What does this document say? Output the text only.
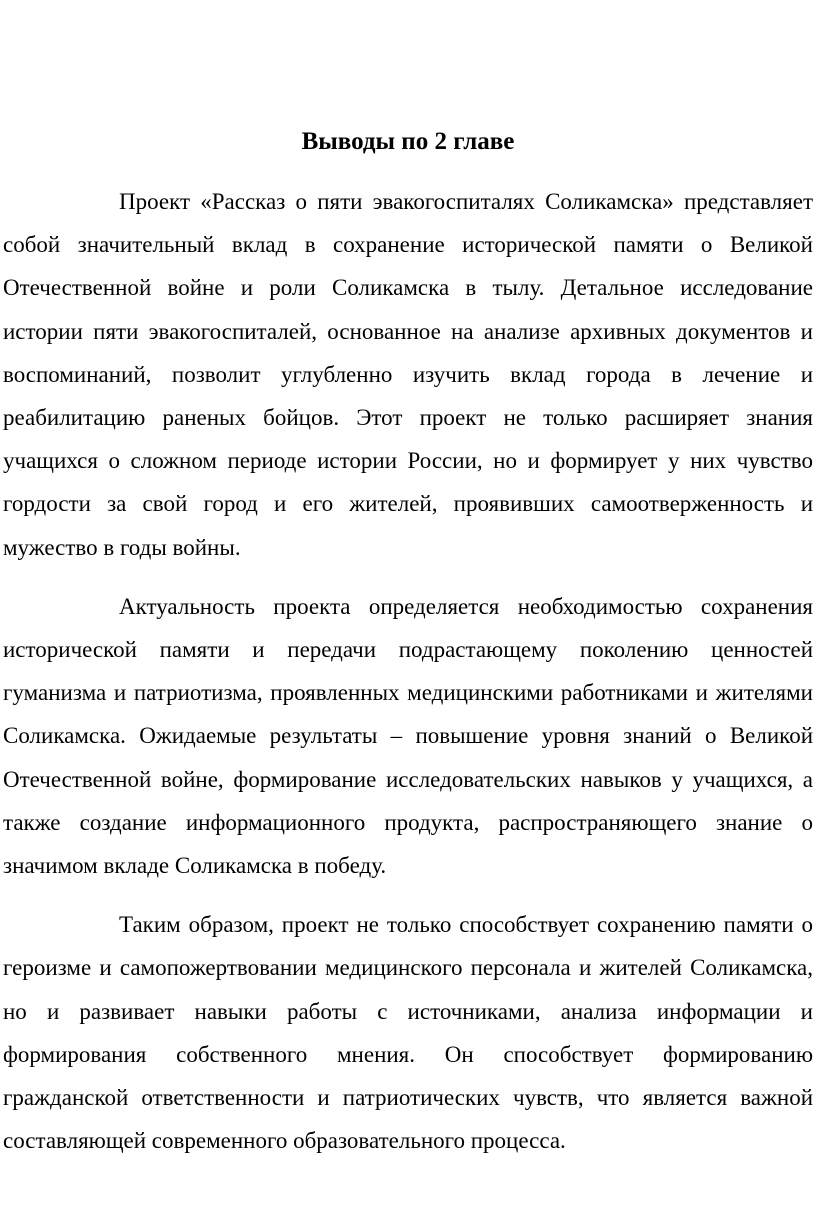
Выводы по 2 главе

Проект «Рассказ о пяти эвакогоспиталях Соликамска» представляет собой значительный вклад в сохранение исторической памяти о Великой Отечественной войне и роли Соликамска в тылу. Детальное исследование истории пяти эвакогоспиталей, основанное на анализе архивных документов и воспоминаний, позволит углубленно изучить вклад города в лечение и реабилитацию раненых бойцов. Этот проект не только расширяет знания учащихся о сложном периоде истории России, но и формирует у них чувство гордости за свой город и его жителей, проявивших самоотверженность и мужество в годы войны.

Актуальность проекта определяется необходимостью сохранения исторической памяти и передачи подрастающему поколению ценностей гуманизма и патриотизма, проявленных медицинскими работниками и жителями Соликамска. Ожидаемые результаты – повышение уровня знаний о Великой Отечественной войне, формирование исследовательских навыков у учащихся, а также создание информационного продукта, распространяющего знание о значимом вкладе Соликамска в победу.

Таким образом, проект не только способствует сохранению памяти о героизме и самопожертвовании медицинского персонала и жителей Соликамска, но и развивает навыки работы с источниками, анализа информации и формирования собственного мнения. Он способствует формированию гражданской ответственности и патриотических чувств, что является важной составляющей современного образовательного процесса.
